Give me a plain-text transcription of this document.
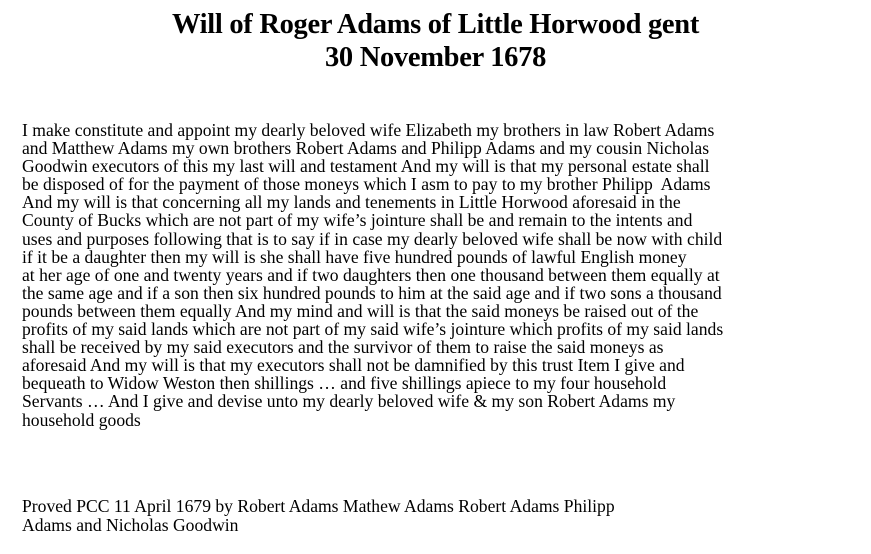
Will of Roger Adams of Little Horwood gent
30 November 1678
I make constitute and appoint my dearly beloved wife Elizabeth my brothers in law Robert Adams
and Matthew Adams my own brothers Robert Adams and Philipp Adams and my cousin Nicholas
Goodwin executors of this my last will and testament And my will is that my personal estate shall
be disposed of for the payment of those moneys which I asm to pay to my brother Philipp  Adams
And my will is that concerning all my lands and tenements in Little Horwood aforesaid in the
County of Bucks which are not part of my wife’s jointure shall be and remain to the intents and
uses and purposes following that is to say if in case my dearly beloved wife shall be now with child
if it be a daughter then my will is she shall have five hundred pounds of lawful English money
at her age of one and twenty years and if two daughters then one thousand between them equally at
the same age and if a son then six hundred pounds to him at the said age and if two sons a thousand
pounds between them equally And my mind and will is that the said moneys be raised out of the
profits of my said lands which are not part of my said wife’s jointure which profits of my said lands
shall be received by my said executors and the survivor of them to raise the said moneys as
aforesaid And my will is that my executors shall not be damnified by this trust Item I give and
bequeath to Widow Weston then shillings … and five shillings apiece to my four household
Servants … And I give and devise unto my dearly beloved wife & my son Robert Adams my
household goods
Proved PCC 11 April 1679 by Robert Adams Mathew Adams Robert Adams Philipp
Adams and Nicholas Goodwin
